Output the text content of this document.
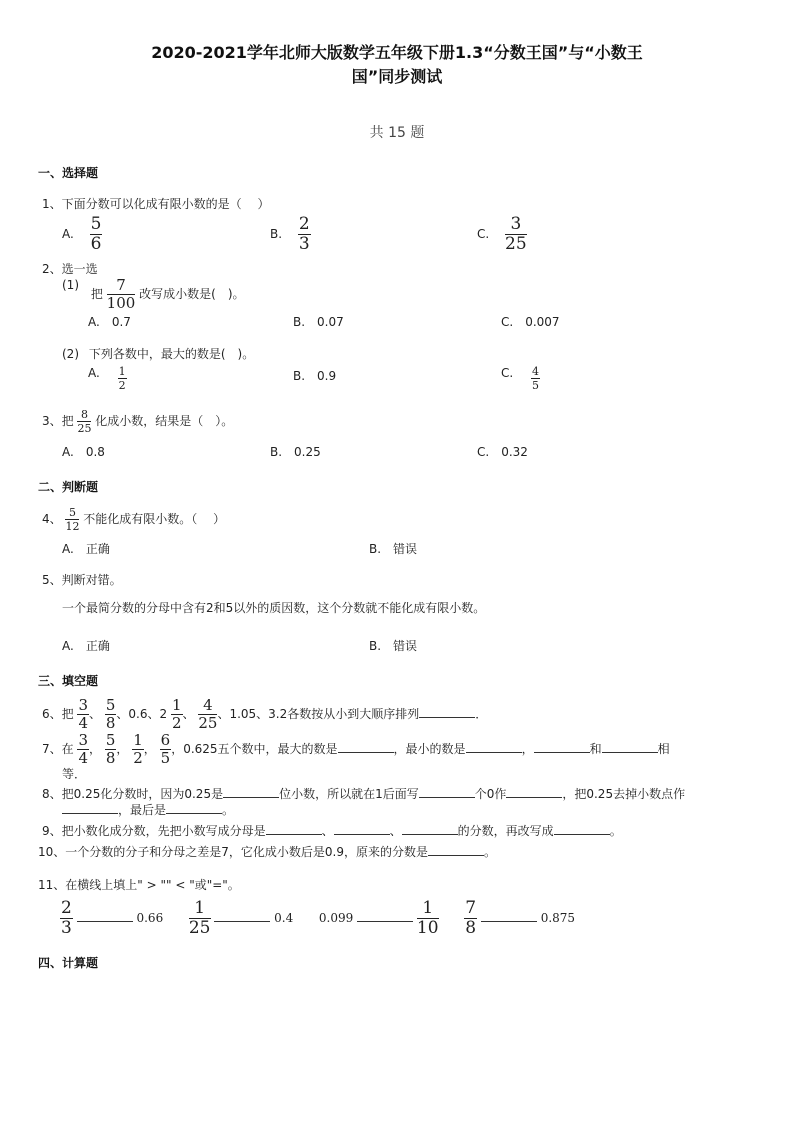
2020-2021学年北师大版数学五年级下册1.3“分数王国”与“小数王
国”同步测试
共 15 题
一、选择题
1、下面分数可以化成有限小数的是（　 ）
A. $\frac{5}{6}$	B. $\frac{2}{3}$	C. $\frac{3}{25}$
2、选一选
(1) 把 $\frac{7}{100}$ 改写成小数是(　)。
A.　0.7	B.　0.07	C.　0.007
(2) 下列各数中，最大的数是(　)。
A. $\frac{1}{2}$	B.　0.9	C. $\frac{4}{5}$
3、把 $\frac{8}{25}$ 化成小数，结果是（　）。
A.　0.8	B.　0.25	C.　0.32
二、判断题
4、 $\frac{5}{12}$ 不能化成有限小数。（　 ）
A.　正确	B.　错误
5、判断对错。
一个最简分数的分母中含有2和5以外的质因数，这个分数就不能化成有限小数。
A.　正确	B.　错误
三、填空题
6、把 $\frac{3}{4}$ 、 $\frac{5}{8}$ 、0.6、$2 \frac{1}{2}$ 、 $\frac{4}{25}$ 、1.05、3.2各数按从小到大顺序排列	．
7、在 $\frac{3}{4}$ ， $\frac{5}{8}$ ， $\frac{1}{2}$ ， $\frac{6}{5}$ ，0.625五个数中，最大的数是	，最小的数是	，	和	相
等．
8、把0.25化分数时，因为0.25是	位小数，所以就在1后面写	个0作	，把0.25去掉小数点作
，最后是	。
9、把小数化成分数，先把小数写成分母是	、	、	的分数，再改写成	。
10、一个分数的分子和分母之差是7，它化成小数后是0.9，原来的分数是	。
11、在横线上填上" > "" < "或"="。
$\frac{2}{3}$	$0.66 \frac{1}{25}$	0.4 0.099	$\frac{1}{10}$
$\frac{7}{8}$	0.875
四、计算题
